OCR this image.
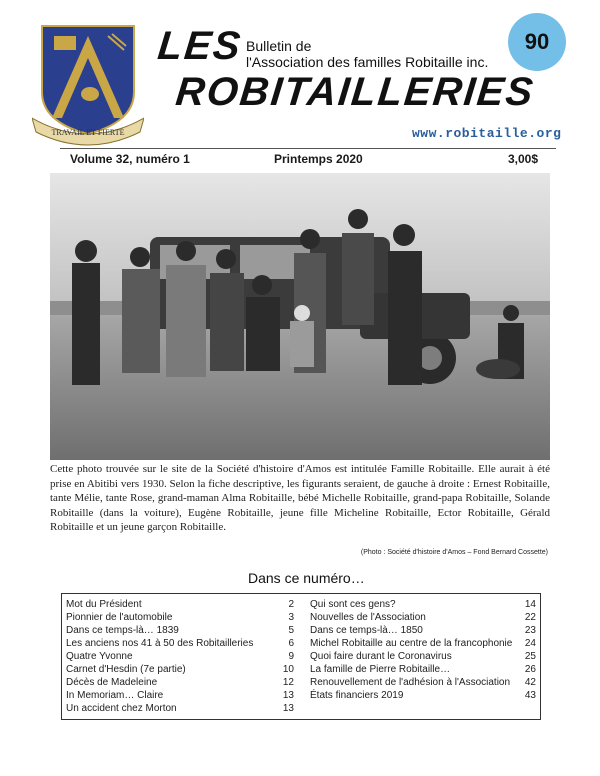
TRAVAIL ET FIERTÉ
LES Bulletin de
l'Association des familles Robitaille inc.
ROBITAILLERIES
90
www.robitaille.org
Volume 32, numéro 1	Printemps 2020	3,00$
Cette photo trouvée sur le site de la Société d'histoire d'Amos est intitulée Famille Robitaille. Elle aurait à été prise en Abitibi vers 1930. Selon la fiche descriptive, les figurants seraient, de gauche à droite : Ernest Robitaille, tante Mélie, tante Rose, grand-maman Alma Robitaille, bébé Michelle Robitaille, grand-papa Robitaille, Solande Robitaille (dans la voiture), Eugène Robitaille, jeune fille Micheline Robitaille, Ector Robitaille, Gérald Robitaille et un jeune garçon Robitaille.
(Photo : Société d'histoire d'Amos – Fond Bernard Cossette)
Dans ce numéro…
Mot du Président	2
Pionnier de l'automobile	3
Dans ce temps-là… 1839	5
Les anciens nos 41 à 50 des Robitailleries	6
Quatre Yvonne	9
Carnet d'Hesdin (7e partie)	10
Décès de Madeleine	12
In Memoriam… Claire	13
Un accident chez Morton	13
Qui sont ces gens?	14
Nouvelles de l'Association	22
Dans ce temps-là… 1850	23
Michel Robitaille au centre de la francophonie 24
Quoi faire durant le Coronavirus	25
La famille de Pierre Robitaille…	26
Renouvellement de l'adhésion à l'Association 42
États financiers 2019	43
